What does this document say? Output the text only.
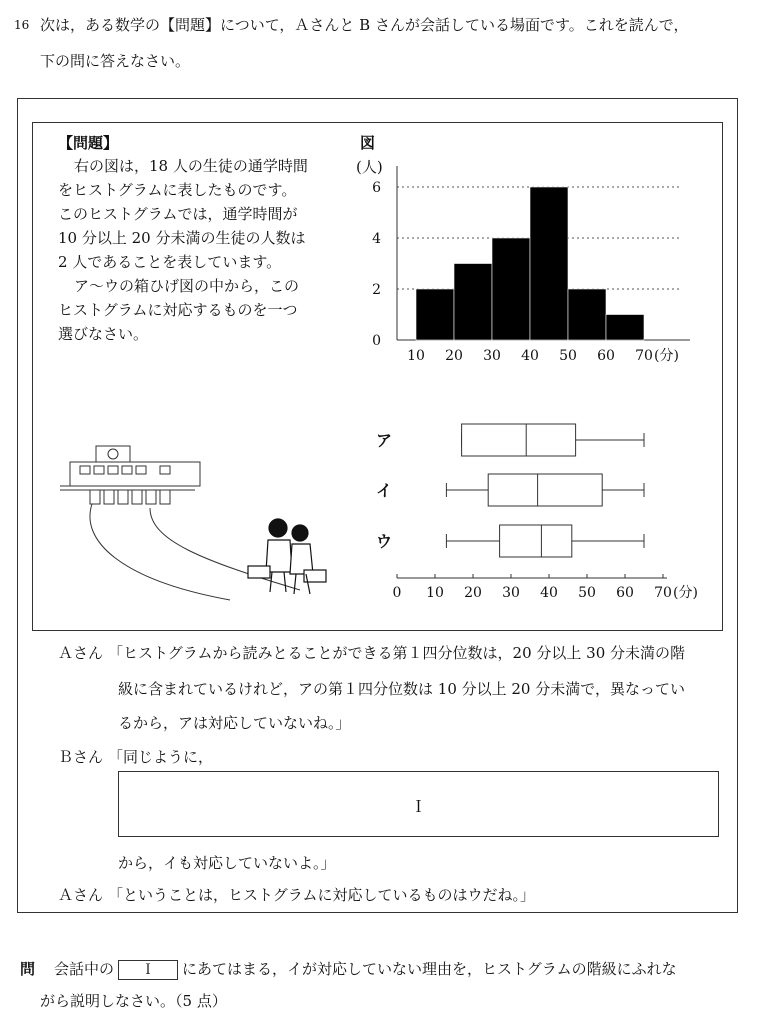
16 次は，ある数学の【問題】について，Ａさんと B さんが会話している場面です。これを読んで，
下の問に答えなさい。
【問題】
右の図は，18 人の生徒の通学時間
をヒストグラムに表したものです。
このヒストグラムでは，通学時間が
10 分以上 20 分未満の生徒の人数は
2 人であることを表しています。
ア～ウの箱ひげ図の中から，この
ヒストグラムに対応するものを一つ
選びなさい。
図
(人)
0
2
4
6
10 20 30 40 50 60 70 (分)
ア
イ
ウ
0 10 20 30 40 50 60 70 (分)
Ａさん 「ヒストグラムから読みとることができる第１四分位数は，20 分以上 30 分未満の階
級に含まれているけれど，アの第１四分位数は 10 分以上 20 分未満で，異なってい
るから，アは対応していないね。」
Ｂさん 「同じように，
Ｉ
から，イも対応していないよ。」
Ａさん 「ということは，ヒストグラムに対応しているものはウだね。」
問 会話中の Ｉ にあてはまる，イが対応していない理由を，ヒストグラムの階級にふれな
がら説明しなさい。（5 点）
